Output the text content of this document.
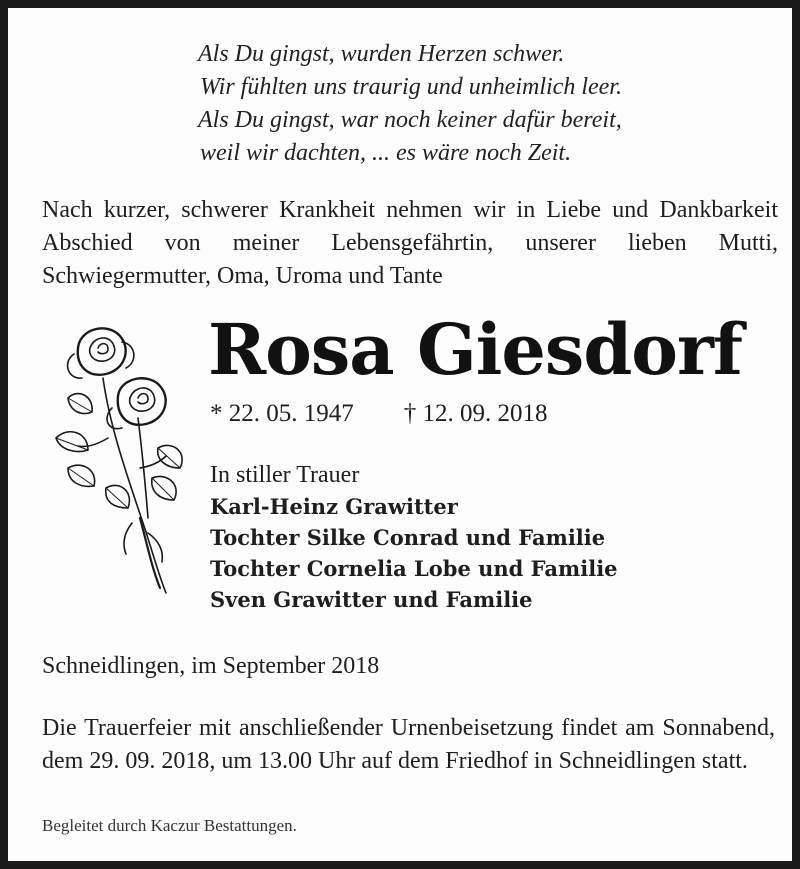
Als Du gingst, wurden Herzen schwer.
Wir fühlten uns traurig und unheimlich leer.
Als Du gingst, war noch keiner dafür bereit,
weil wir dachten, ... es wäre noch Zeit.
Nach kurzer, schwerer Krankheit nehmen wir in Liebe und Dankbarkeit Abschied von meiner Lebensgefährtin, unserer lieben Mutti, Schwiegermutter, Oma, Uroma und Tante
Rosa Giesdorf
* 22. 05. 1947 † 12. 09. 2018
In stiller Trauer
Karl-Heinz Grawitter
Tochter Silke Conrad und Familie
Tochter Cornelia Lobe und Familie
Sven Grawitter und Familie
Schneidlingen, im September 2018
Die Trauerfeier mit anschließender Urnenbeisetzung findet am Sonnabend, dem 29. 09. 2018, um 13.00 Uhr auf dem Friedhof in Schneidlingen statt.
Begleitet durch Kaczur Bestattungen.
